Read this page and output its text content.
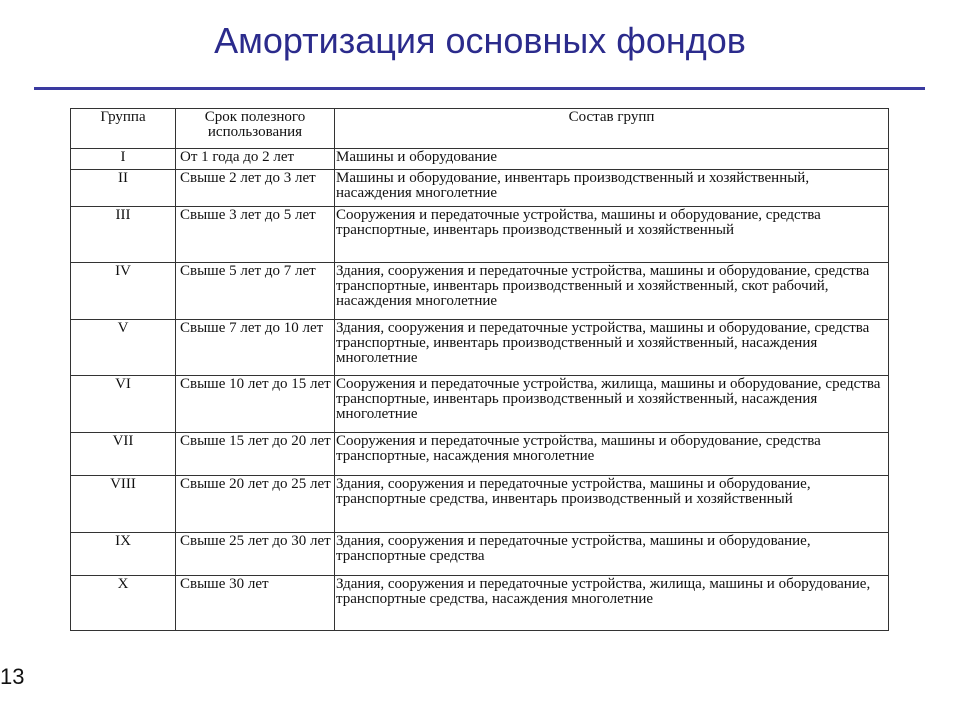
Амортизация основных фондов
Группа	Срок полезного использования	Состав групп
I	От 1 года до 2 лет	Машины и оборудование
II	Свыше 2 лет до 3 лет	Машины и оборудование, инвентарь производственный и хозяйственный, насаждения многолетние
III	Свыше 3 лет до 5 лет	Сооружения и передаточные устройства, машины и оборудование, средства транспортные, инвентарь производственный и хозяйственный
IV	Свыше 5 лет до 7 лет	Здания, сооружения и передаточные устройства, машины и оборудование, средства транспортные, инвентарь производственный и хозяйственный, скот рабочий, насаждения многолетние
V	Свыше 7 лет до 10 лет	Здания, сооружения и передаточные устройства, машины и оборудование, средства транспортные, инвентарь производственный и хозяйственный, насаждения многолетние
VI	Свыше 10 лет до 15 лет	Сооружения и передаточные устройства, жилища, машины и оборудование, средства транспортные, инвентарь производственный и хозяйственный, насаждения многолетние
VII	Свыше 15 лет до 20 лет	Сооружения и передаточные устройства, машины и оборудование, средства транспортные, насаждения многолетние
VIII	Свыше 20 лет до 25 лет	Здания, сооружения и передаточные устройства, машины и оборудование, транспортные средства, инвентарь производственный и хозяйственный
IX	Свыше 25 лет до 30 лет	Здания, сооружения и передаточные устройства, машины и оборудование, транспортные средства
X	Свыше 30 лет	Здания, сооружения и передаточные устройства, жилища, машины и оборудование, транспортные средства, насаждения многолетние
13
